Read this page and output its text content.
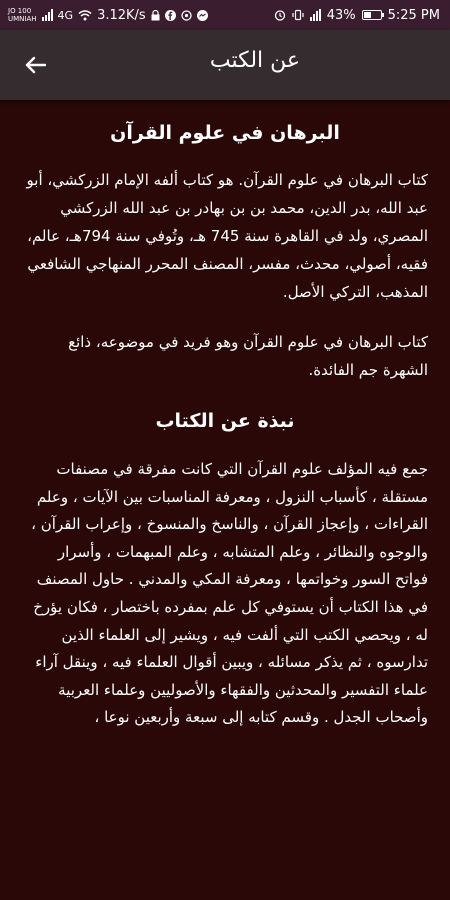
JO 100
UMNIAH 4G 3.12K/s	43% 5:25 PM
عن الكتب
البرهان في علوم القرآن

كتاب البرهان في علوم القرآن. هو كتاب ألفه الإمام الزركشي، أبو عبد الله، بدر الدين، محمد بن بن بهادر بن عبد الله الزركشي المصري، ولد في القاهرة سنة 745 هـ، وتُوفي سنة 794هـ، عالم، فقيه، أصولي، محدث، مفسر، المصنف المحرر المنهاجي الشافعي المذهب، التركي الأصل.

كتاب البرهان في علوم القرآن وهو فريد في موضوعه، ذائع الشهرة جم الفائدة.

نبذة عن الكتاب

جمع فيه المؤلف علوم القرآن التي كانت مفرقة في مصنفات مستقلة ، كأسباب النزول ، ومعرفة المناسبات بين الآيات ، وعلم القراءات ، وإعجاز القرآن ، والناسخ والمنسوخ ، وإعراب القرآن ، والوجوه والنظائر ، وعلم المتشابه ، وعلم المبهمات ، وأسرار فواتح السور وخواتمها ، ومعرفة المكي والمدني . حاول المصنف في هذا الكتاب أن يستوفي كل علم بمفرده باختصار ، فكان يؤرخ له ، ويحصي الكتب التي ألفت فيه ، ويشير إلى العلماء الذين تدارسوه ، ثم يذكر مسائله ، ويبين أقوال العلماء فيه ، وينقل آراء علماء التفسير والمحدثين والفقهاء والأصوليين وعلماء العربية وأصحاب الجدل . وقسم كتابه إلى سبعة وأربعين نوعا ،
